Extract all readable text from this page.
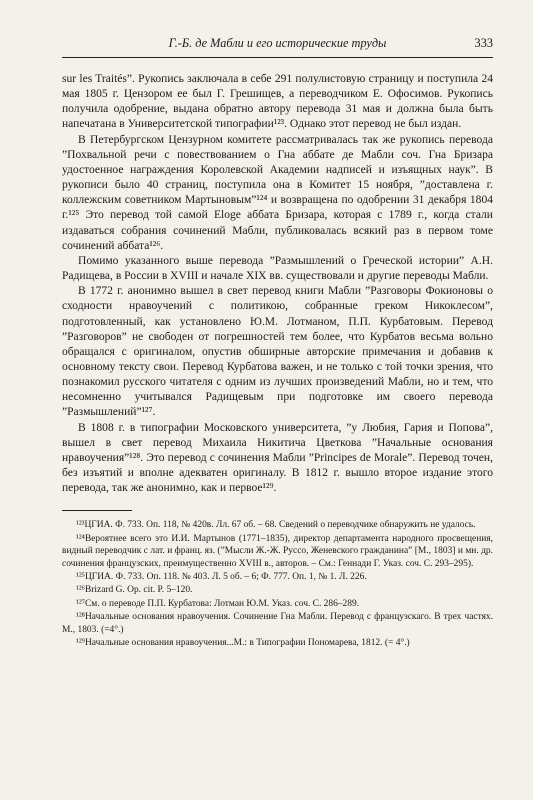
Г.-Б. де Мабли и его исторические труды	333

sur les Traités”. Рукопись заключала в себе 291 полулистовую страницу и поступила 24 мая 1805 г. Цензором ее был Г. Грешищев, а переводчиком Е. Офосимов. Рукопись получила одобрение, выдана обратно автору перевода 31 мая и должна была быть напечатана в Университетской типографии¹²³. Однако этот перевод не был издан.

В Петербургском Цензурном комитете рассматривалась так же рукопись перевода ”Похвальной речи с повествованием о Гна аббате де Мабли соч. Гна Бризара удостоенное награждения Королевской Академии надписей и изъящных наук”. В рукописи было 40 страниц, поступила она в Комитет 15 ноября, ”доставлена г. коллежским советником Мартыновым”¹²⁴ и возвращена по одобрении 31 декабря 1804 г.¹²⁵ Это перевод той самой Eloge аббата Бризара, которая с 1789 г., когда стали издаваться собрания сочинений Мабли, публиковалась всякий раз в первом томе сочинений аббата¹²⁶.

Помимо указанного выше перевода ”Размышлений о Греческой истории” А.Н. Радищева, в России в XVIII и начале XIX вв. существовали и другие переводы Мабли.

В 1772 г. анонимно вышел в свет перевод книги Мабли ”Разговоры Фокионовы о сходности нравоучений с политикою, собранные греком Никоклесом”, подготовленный, как установлено Ю.М. Лотманом, П.П. Курбатовым. Перевод ”Разговоров” не свободен от погрешностей тем более, что Курбатов весьма вольно обращался с оригиналом, опустив обширные авторские примечания и добавив к основному тексту свои. Перевод Курбатова важен, и не только с той точки зрения, что познакомил русского читателя с одним из лучших произведений Мабли, но и тем, что несомненно учитывался Радищевым при подготовке им своего перевода ”Размышлений”¹²⁷.

В 1808 г. в типографии Московского университета, ”у Любия, Гария и Попова”, вышел в свет перевод Михаила Никитича Цветкова ”Начальные основания нравоучения”¹²⁸. Это перевод с сочинения Мабли ”Principes de Morale”. Перевод точен, без изъятий и вполне адекватен оригиналу. В 1812 г. вышло второе издание этого перевода, так же анонимно, как и первое¹²⁹.

¹²³ЦГИА. Ф. 733. Оп. 118, № 420в. Лл. 67 об. – 68. Сведений о переводчике обнаружить не удалось.

¹²⁴Вероятнее всего это И.И. Мартынов (1771–1835), директор департамента народного просвещения, видный переводчик с лат. и франц. яз. (”Мысли Ж.-Ж. Руссо, Женевского гражданина” [М., 1803] и мн. др. сочинения французских, преимущественно XVIII в., авторов. – См.: Геннади Г. Указ. соч. С. 293–295).

¹²⁵ЦГИА. Ф. 733. Оп. 118. № 403. Л. 5 об. – 6; Ф. 777. Оп. 1, № 1. Л. 226.

¹²⁶Brizard G. Op. cit. P. 5–120.

¹²⁷См. о переводе П.П. Курбатова: Лотман Ю.М. Указ. соч. С. 286–289.

¹²⁸Начальные основания нравоучения. Сочинение Гна Мабли. Перевод с французскаго. В трех частях. М., 1803. (=4°.)

¹²⁹Начальные основания нравоучения...М.: в Типографии Пономарева, 1812. (= 4°.)
